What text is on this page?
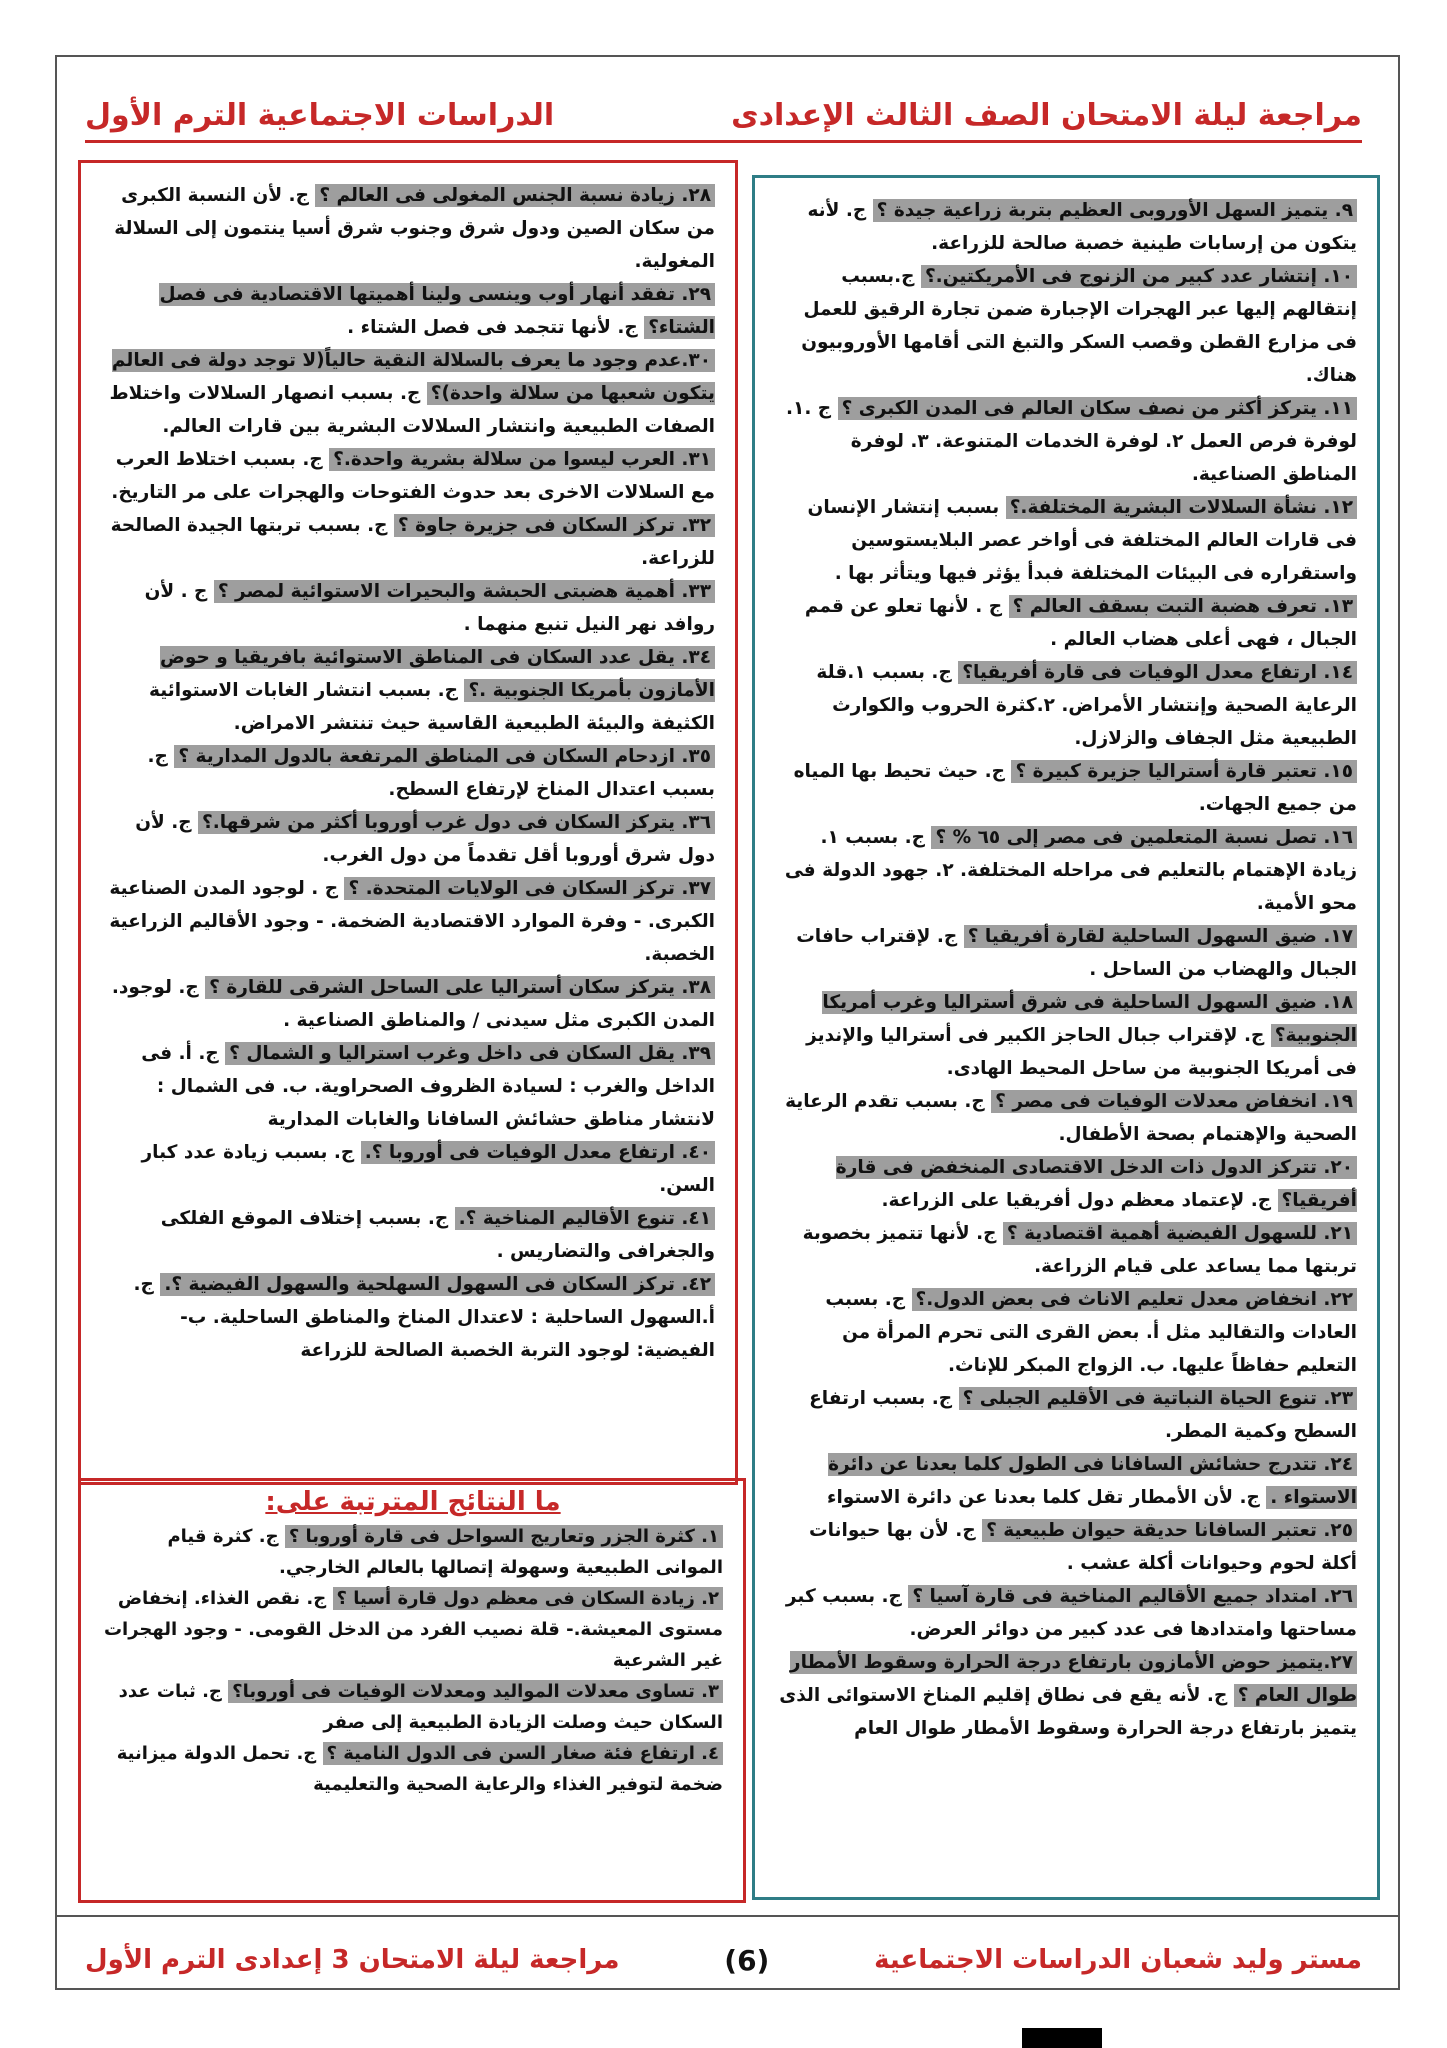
مراجعة ليلة الامتحان الصف الثالث الإعدادى
الدراسات الاجتماعية الترم الأول
٩. يتميز السهل الأوروبى العظيم بتربة زراعية جيدة ؟ ج. لأنه يتكون من إرسابات طينية خصبة صالحة للزراعة.
١٠. إنتشار عدد كبير من الزنوج فى الأمريكتين.؟ ج.بسبب إنتقالهم إليها عبر الهجرات الإجبارة ضمن تجارة الرقيق للعمل فى مزارع القطن وقصب السكر والتبغ التى أقامها الأوروبيون هناك.
١١. يتركز أكثر من نصف سكان العالم فى المدن الكبرى ؟ ج .١. لوفرة فرص العمل ٢. لوفرة الخدمات المتنوعة. ٣. لوفرة المناطق الصناعية.
١٢. نشأة السلالات البشرية المختلفة.؟ بسبب إنتشار الإنسان فى قارات العالم المختلفة فى أواخر عصر البلايستوسين واستقراره فى البيئات المختلفة فبدأ يؤثر فيها ويتأثر بها .
١٣. تعرف هضبة التبت بسقف العالم ؟ ج . لأنها تعلو عن قمم الجبال ، فهى أعلى هضاب العالم .
١٤. ارتفاع معدل الوفيات فى قارة أفريقيا؟ ج. بسبب ١.قلة الرعاية الصحية وإنتشار الأمراض. ٢.كثرة الحروب والكوارث الطبيعية مثل الجفاف والزلازل.
١٥. تعتبر قارة أستراليا جزيرة كبيرة ؟ ج. حيث تحيط بها المياه من جميع الجهات.
١٦. تصل نسبة المتعلمين فى مصر إلى ٦٥ % ؟ ج. بسبب ١. زيادة الإهتمام بالتعليم فى مراحله المختلفة. ٢. جهود الدولة فى محو الأمية.
١٧. ضيق السهول الساحلية لقارة أفريقيا ؟ ج. لإقتراب حافات الجبال والهضاب من الساحل .
١٨. ضيق السهول الساحلية فى شرق أستراليا وغرب أمريكا الجنوبية؟ ج. لإقتراب جبال الحاجز الكبير فى أستراليا والإنديز فى أمريكا الجنوبية من ساحل المحيط الهادى.
١٩. انخفاض معدلات الوفيات فى مصر ؟ ج. بسبب تقدم الرعاية الصحية والإهتمام بصحة الأطفال.
٢٠. تتركز الدول ذات الدخل الاقتصادى المنخفض فى قارة أفريقيا؟ ج. لإعتماد معظم دول أفريقيا على الزراعة.
٢١. للسهول الفيضية أهمية اقتصادية ؟ ج. لأنها تتميز بخصوبة تربتها مما يساعد على قيام الزراعة.
٢٢. انخفاض معدل تعليم الاناث فى بعض الدول.؟ ج. بسبب العادات والتقاليد مثل أ. بعض القرى التى تحرم المرأة من التعليم حفاظاً عليها. ب. الزواج المبكر للإناث.
٢٣. تنوع الحياة النباتية فى الأقليم الجبلى ؟ ج. بسبب ارتفاع السطح وكمية المطر.
٢٤. تتدرج حشائش السافانا فى الطول كلما بعدنا عن دائرة الاستواء . ج. لأن الأمطار تقل كلما بعدنا عن دائرة الاستواء
٢٥. تعتبر السافانا حديقة حيوان طبيعية ؟ ج. لأن بها حيوانات أكلة لحوم وحيوانات أكلة عشب .
٢٦. امتداد جميع الأقاليم المناخية فى قارة آسيا ؟ ج. بسبب كبر مساحتها وامتدادها فى عدد كبير من دوائر العرض.
٢٧.يتميز حوض الأمازون بارتفاع درجة الحرارة وسقوط الأمطار طوال العام ؟ ج. لأنه يقع فى نطاق إقليم المناخ الاستوائى الذى يتميز بارتفاع درجة الحرارة وسقوط الأمطار طوال العام
٢٨. زيادة نسبة الجنس المغولى فى العالم ؟ ج. لأن النسبة الكبرى من سكان الصين ودول شرق وجنوب شرق أسيا ينتمون إلى السلالة المغولية.
٢٩. تفقد أنهار أوب وينسى ولينا أهميتها الاقتصادية فى فصل الشتاء؟ ج. لأنها تتجمد فى فصل الشتاء .
٣٠.عدم وجود ما يعرف بالسلالة النقية حالياً(لا توجد دولة فى العالم يتكون شعبها من سلالة واحدة)؟ ج. بسبب انصهار السلالات واختلاط الصفات الطبيعية وانتشار السلالات البشرية بين قارات العالم.
٣١. العرب ليسوا من سلالة بشرية واحدة.؟ ج. بسبب اختلاط العرب مع السلالات الاخرى بعد حدوث الفتوحات والهجرات على مر التاريخ.
٣٢. تركز السكان فى جزيرة جاوة ؟ ج. بسبب تربتها الجيدة الصالحة للزراعة.
٣٣. أهمية هضبتى الحبشة والبحيرات الاستوائية لمصر ؟ ج . لأن روافد نهر النيل تنبع منهما .
٣٤. يقل عدد السكان فى المناطق الاستوائية بافريقيا و حوض الأمازون بأمريكا الجنوبية .؟ ج. بسبب انتشار الغابات الاستوائية الكثيفة والبيئة الطبيعية القاسية حيث تنتشر الامراض.
٣٥. ازدحام السكان فى المناطق المرتفعة بالدول المدارية ؟ ج. بسبب اعتدال المناخ لإرتفاع السطح.
٣٦. يتركز السكان فى دول غرب أوروبا أكثر من شرقها.؟ ج. لأن دول شرق أوروبا أقل تقدماً من دول الغرب.
٣٧. تركز السكان فى الولايات المتحدة. ؟ ج . لوجود المدن الصناعية الكبرى. - وفرة الموارد الاقتصادية الضخمة. - وجود الأقاليم الزراعية الخصبة.
٣٨. يتركز سكان أستراليا على الساحل الشرقى للقارة ؟ ج. لوجود. المدن الكبرى مثل سيدنى / والمناطق الصناعية .
٣٩. يقل السكان فى داخل وغرب استراليا و الشمال ؟ ج. أ. فى الداخل والغرب : لسيادة الظروف الصحراوية. ب. فى الشمال : لانتشار مناطق حشائش السافانا والغابات المدارية
٤٠. ارتفاع معدل الوفيات فى أوروبا ؟. ج. بسبب زيادة عدد كبار السن.
٤١. تنوع الأقاليم المناخية ؟. ج. بسبب إختلاف الموقع الفلكى والجغرافى والتضاريس .
٤٢. تركز السكان فى السهول السهلحية والسهول الفيضية ؟. ج. أ.السهول الساحلية : لاعتدال المناخ والمناطق الساحلية. ب- الفيضية: لوجود التربة الخصبة الصالحة للزراعة
ما النتائج المترتبة على:
١. كثرة الجزر وتعاريج السواحل فى قارة أوروبا ؟ ج. كثرة قيام الموانى الطبيعية وسهولة إتصالها بالعالم الخارجي.
٢. زيادة السكان فى معظم دول قارة أسيا ؟ ج. نقص الغذاء. إنخفاض مستوى المعيشة.- قلة نصيب الفرد من الدخل القومى. - وجود الهجرات غير الشرعية
٣. تساوى معدلات المواليد ومعدلات الوفيات فى أوروبا؟ ج. ثبات عدد السكان حيث وصلت الزيادة الطبيعية إلى صفر
٤. ارتفاع فئة صغار السن فى الدول النامية ؟ ج. تحمل الدولة ميزانية ضخمة لتوفير الغذاء والرعاية الصحية والتعليمية
مستر وليد شعبان الدراسات الاجتماعية
(6)
مراجعة ليلة الامتحان 3 إعدادى الترم الأول
